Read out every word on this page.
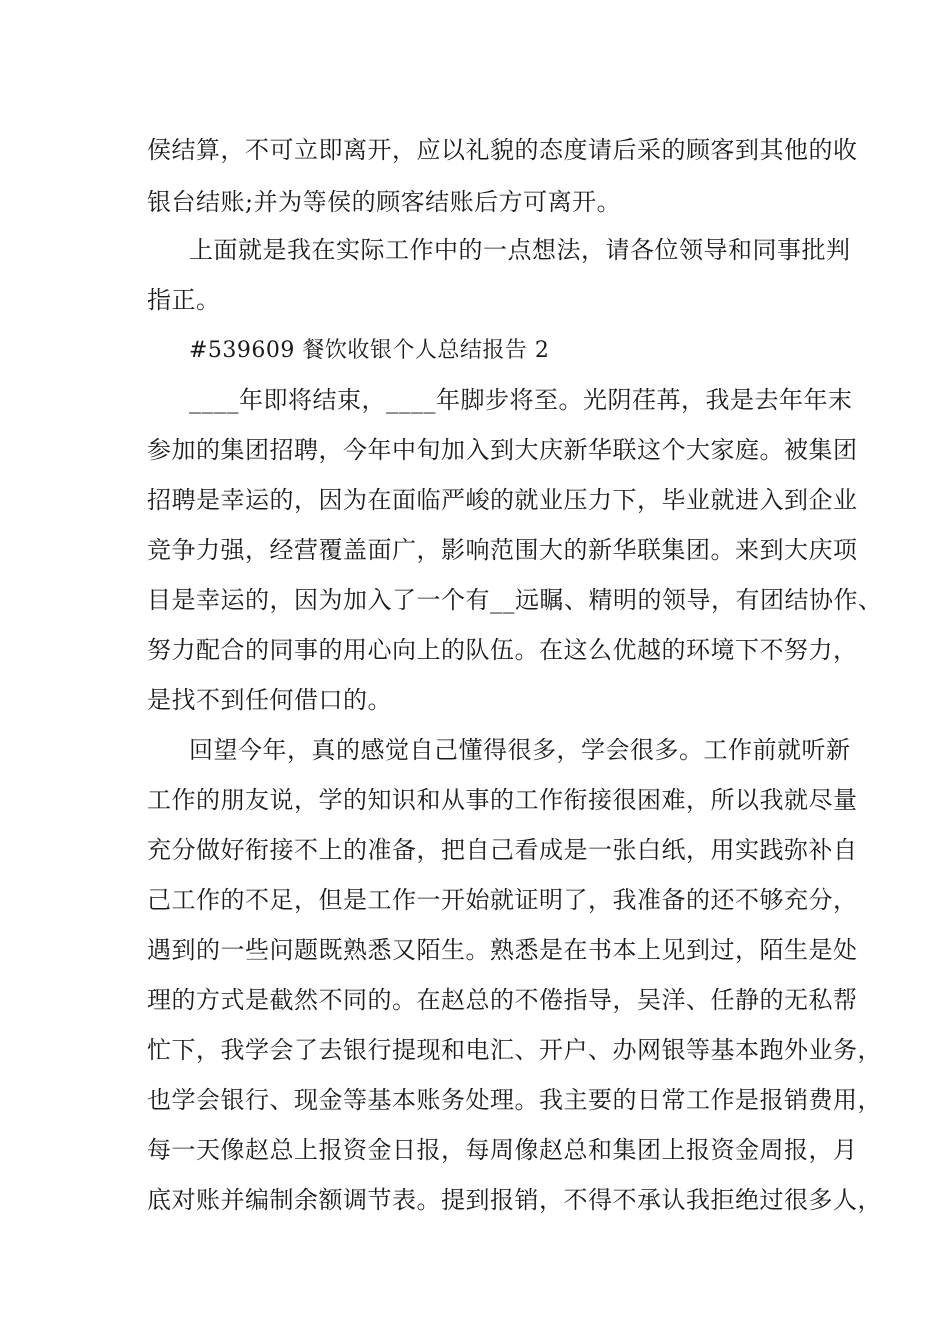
侯结算，不可立即离开，应以礼貌的态度请后采的顾客到其他的收
银台结账;并为等侯的顾客结账后方可离开。
上面就是我在实际工作中的一点想法，请各位领导和同事批判
指正。
#539609 餐饮收银个人总结报告 2
____年即将结束，____年脚步将至。光阴荏苒，我是去年年末
参加的集团招聘，今年中旬加入到大庆新华联这个大家庭。被集团
招聘是幸运的，因为在面临严峻的就业压力下，毕业就进入到企业
竞争力强，经营覆盖面广，影响范围大的新华联集团。来到大庆项
目是幸运的，因为加入了一个有__远瞩、精明的领导，有团结协作、
努力配合的同事的用心向上的队伍。在这么优越的环境下不努力，
是找不到任何借口的。
回望今年，真的感觉自己懂得很多，学会很多。工作前就听新
工作的朋友说，学的知识和从事的工作衔接很困难，所以我就尽量
充分做好衔接不上的准备，把自己看成是一张白纸，用实践弥补自
己工作的不足，但是工作一开始就证明了，我准备的还不够充分，
遇到的一些问题既熟悉又陌生。熟悉是在书本上见到过，陌生是处
理的方式是截然不同的。在赵总的不倦指导，吴洋、任静的无私帮
忙下，我学会了去银行提现和电汇、开户、办网银等基本跑外业务，
也学会银行、现金等基本账务处理。我主要的日常工作是报销费用，
每一天像赵总上报资金日报，每周像赵总和集团上报资金周报，月
底对账并编制余额调节表。提到报销，不得不承认我拒绝过很多人，
